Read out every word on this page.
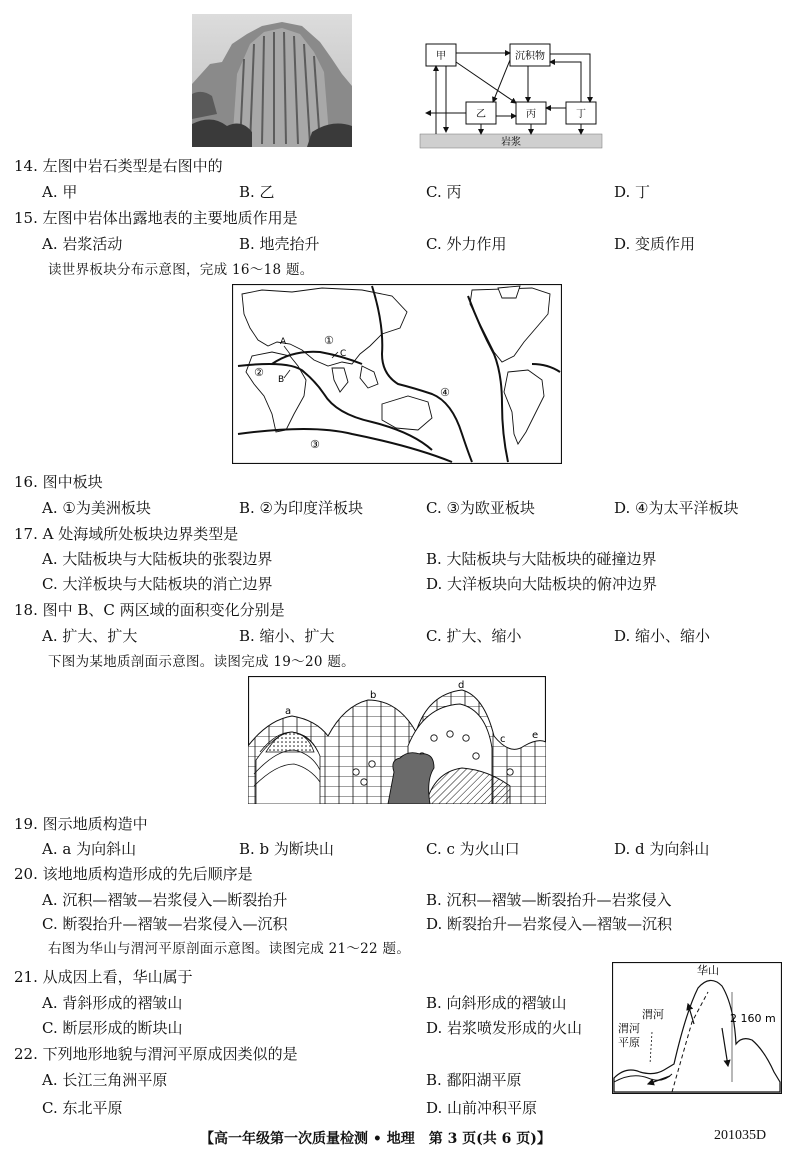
岩浆
甲	沉积物
乙	丙	丁
14. 左图中岩石类型是右图中的
A. 甲	B. 乙	C. 丙	D. 丁
15. 左图中岩体出露地表的主要地质作用是
A. 岩浆活动	B. 地壳抬升	C. 外力作用	D. 变质作用
读世界板块分布示意图，完成 16～18 题。
①
②
③
④
A
B
C
16. 图中板块
A. ①为美洲板块	B. ②为印度洋板块	C. ③为欧亚板块	D. ④为太平洋板块
17. A 处海域所处板块边界类型是
A. 大陆板块与大陆板块的张裂边界	B. 大陆板块与大陆板块的碰撞边界
C. 大洋板块与大陆板块的消亡边界	D. 大洋板块向大陆板块的俯冲边界
18. 图中 B、C 两区域的面积变化分别是
A. 扩大、扩大	B. 缩小、扩大	C. 扩大、缩小	D. 缩小、缩小
下图为某地质剖面示意图。读图完成 19～20 题。
a
b
c
d
e
19. 图示地质构造中
A. a 为向斜山	B. b 为断块山	C. c 为火山口	D. d 为向斜山
20. 该地地质构造形成的先后顺序是
A. 沉积—褶皱—岩浆侵入—断裂抬升	B. 沉积—褶皱—断裂抬升—岩浆侵入
C. 断裂抬升—褶皱—岩浆侵入—沉积	D. 断裂抬升—岩浆侵入—褶皱—沉积
右图为华山与渭河平原剖面示意图。读图完成 21～22 题。
华山
渭河
渭河
平原
2 160 m
21. 从成因上看，华山属于
A. 背斜形成的褶皱山	B. 向斜形成的褶皱山
C. 断层形成的断块山	D. 岩浆喷发形成的火山
22. 下列地形地貌与渭河平原成因类似的是
A. 长江三角洲平原	B. 鄱阳湖平原
C. 东北平原	D. 山前冲积平原
【高一年级第一次质量检测 • 地理　第 3 页(共 6 页)】	201035D
